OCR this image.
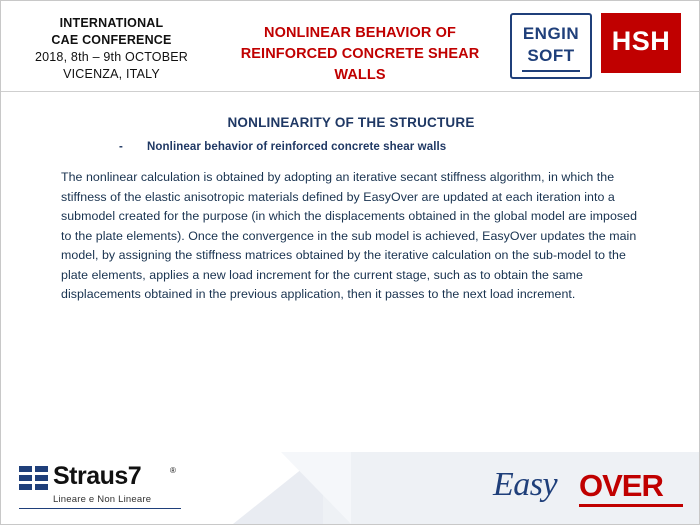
INTERNATIONAL
CAE CONFERENCE
2018, 8th – 9th OCTOBER
VICENZA, ITALY
NONLINEAR BEHAVIOR OF REINFORCED CONCRETE SHEAR WALLS
ENGIN
SOFT	HSH
NONLINEARITY OF THE STRUCTURE
- Nonlinear behavior of reinforced concrete shear walls
The nonlinear calculation is obtained by adopting an iterative secant stiffness algorithm, in which the stiffness of the elastic anisotropic materials defined by EasyOver are updated at each iteration into a submodel created for the purpose (in which the displacements obtained in the global model are imposed to the plate elements). Once the convergence in the sub model is achieved, EasyOver updates the main model, by assigning the stiffness matrices obtained by the iterative calculation on the sub-model to the plate elements, applies a new load increment for the current stage, such as to obtain the same displacements obtained in the previous application, then it passes to the next load increment.
Straus7	®
Lineare e Non Lineare	Easy OVER
